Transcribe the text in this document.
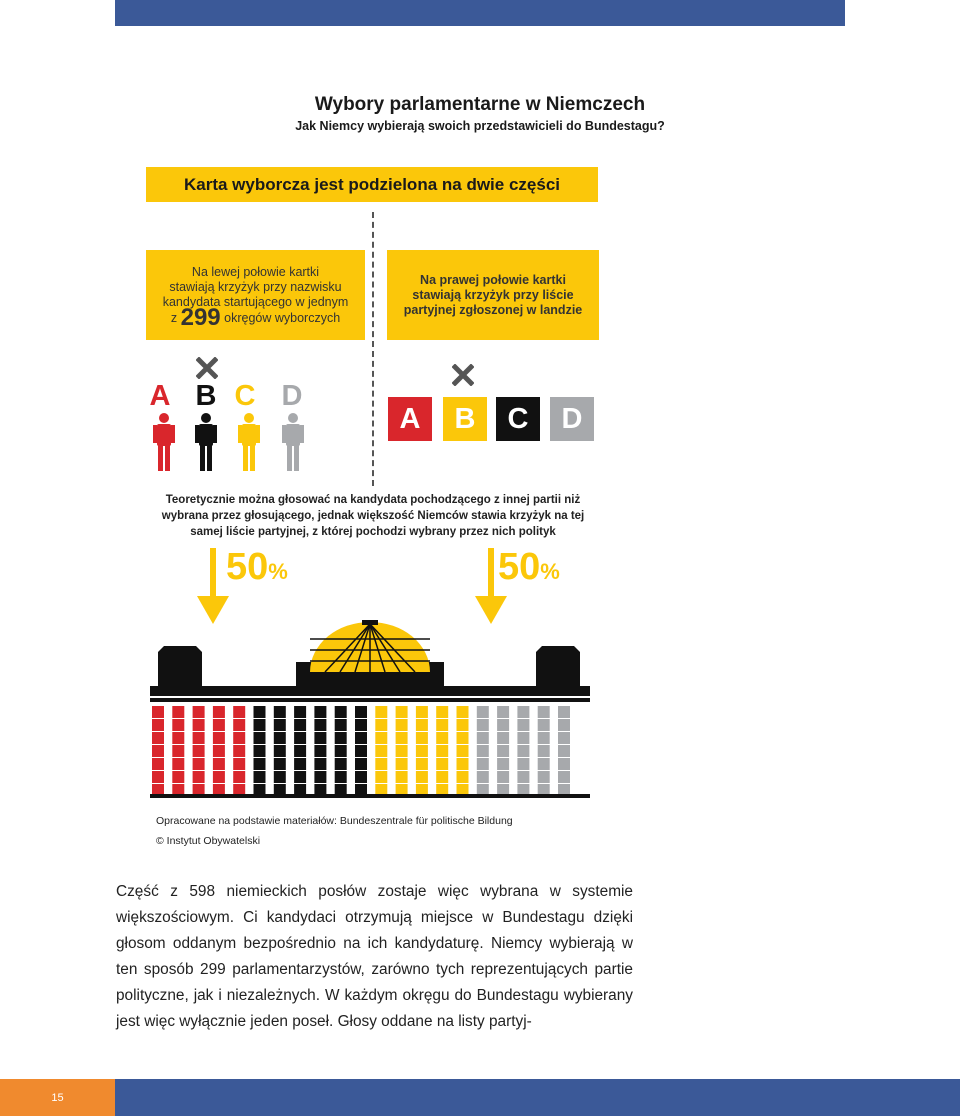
Wybory parlamentarne w Niemczech
Jak Niemcy wybierają swoich przedstawicieli do Bundestagu?
Karta wyborcza jest podzielona na dwie części
Na lewej połowie kartki
stawiają krzyżyk przy nazwisku
kandydata startującego w jednym
z 299 okręgów wyborczych
Na prawej połowie kartki
stawiają krzyżyk przy liście
partyjnej zgłoszonej w landzie
A B C D
A	B	C	D
Teoretycznie można głosować na kandydata pochodzącego z innej partii niż
wybrana przez głosującego, jednak większość Niemców stawia krzyżyk na tej
samej liście partyjnej, z której pochodzi wybrany przez nich polityk
50%	50%
Opracowane na podstawie materiałów: Bundeszentrale für politische Bildung
© Instytut Obywatelski

Część z 598 niemieckich posłów zostaje więc wybrana w systemie większościowym. Ci kandydaci otrzymują miejsce w Bundestagu dzięki głosom oddanym bezpośrednio na ich kandydaturę. Niemcy wybierają w ten sposób 299 parlamentarzystów, zarówno tych reprezentujących partie polityczne, jak i niezależnych. W każdym okręgu do Bundestagu wybierany jest więc wyłącznie jeden poseł. Głosy oddane na listy partyj-

15
